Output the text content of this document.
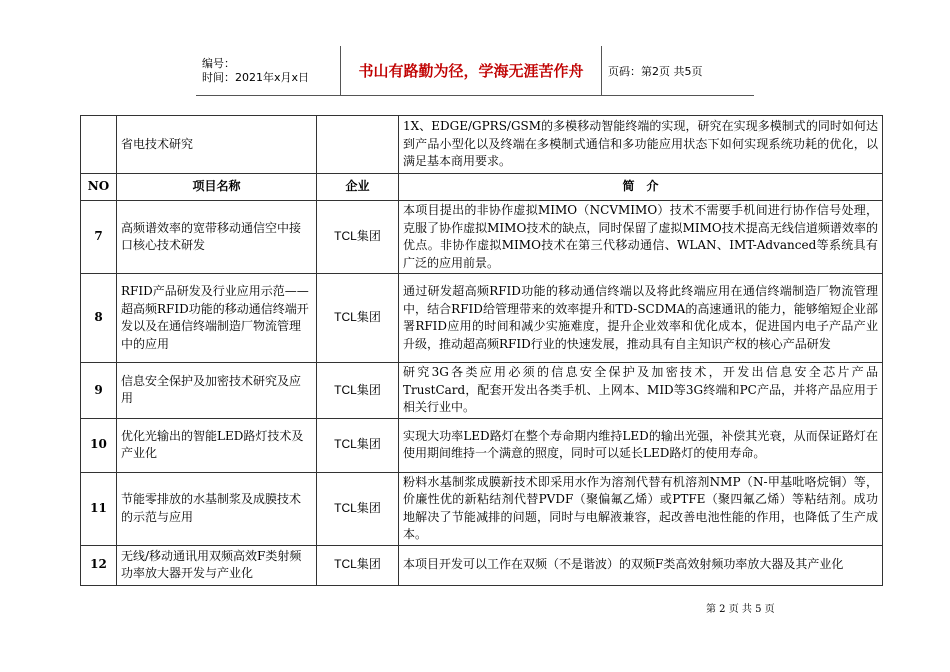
编号：
时间：2021年x月x日	书山有路勤为径，学海无涯苦作舟	页码：第2页 共5页
	省电技术研究		1X、EDGE/GPRS/GSM的多模移动智能终端的实现，研究在实现多模制式的同时如何达到产品小型化以及终端在多模制式通信和多功能应用状态下如何实现系统功耗的优化，以满足基本商用要求。
NO	项目名称	企业	简　介
7	高频谱效率的宽带移动通信空中接口核心技术研发	TCL集团	本项目提出的非协作虚拟MIMO（NCVMIMO）技术不需要手机间进行协作信号处理，克服了协作虚拟MIMO技术的缺点，同时保留了虚拟MIMO技术提高无线信道频谱效率的优点。非协作虚拟MIMO技术在第三代移动通信、WLAN、IMT-Advanced等系统具有广泛的应用前景。
8	RFID产品研发及行业应用示范——超高频RFID功能的移动通信终端开发以及在通信终端制造厂物流管理中的应用	TCL集团	通过研发超高频RFID功能的移动通信终端以及将此终端应用在通信终端制造厂物流管理中，结合RFID给管理带来的效率提升和TD-SCDMA的高速通讯的能力，能够缩短企业部署RFID应用的时间和减少实施难度，提升企业效率和优化成本，促进国内电子产品产业升级，推动超高频RFID行业的快速发展，推动具有自主知识产权的核心产品研发
9	信息安全保护及加密技术研究及应用	TCL集团	研究3G各类应用必须的信息安全保护及加密技术，开发出信息安全芯片产品TrustCard，配套开发出各类手机、上网本、MID等3G终端和PC产品，并将产品应用于相关行业中。
10	优化光输出的智能LED路灯技术及产业化	TCL集团	实现大功率LED路灯在整个寿命期内维持LED的输出光强，补偿其光衰，从而保证路灯在使用期间维持一个满意的照度，同时可以延长LED路灯的使用寿命。
11	节能零排放的水基制浆及成膜技术的示范与应用	TCL集团	粉料水基制浆成膜新技术即采用水作为溶剂代替有机溶剂NMP（N-甲基吡咯烷铜）等，价廉性优的新粘结剂代替PVDF（聚偏氟乙烯）或PTFE（聚四氟乙烯）等粘结剂。成功地解决了节能减排的问题，同时与电解液兼容，起改善电池性能的作用，也降低了生产成本。
12	无线/移动通讯用双频高效F类射频功率放大器开发与产业化	TCL集团	本项目开发可以工作在双频（不是谐波）的双频F类高效射频功率放大器及其产业化
第 2 页 共 5 页
